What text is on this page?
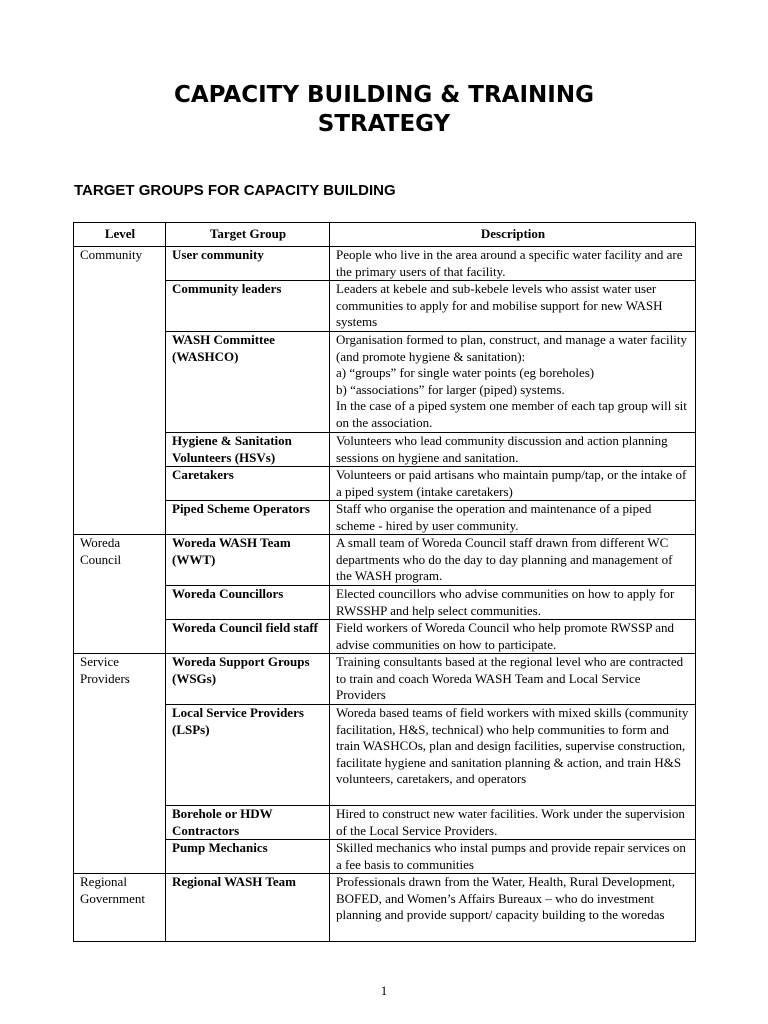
CAPACITY BUILDING & TRAINING
STRATEGY
TARGET GROUPS FOR CAPACITY BUILDING
Level	Target Group	Description
Community	User community	People who live in the area around a specific water facility and are the primary users of that facility.
	Community leaders	Leaders at kebele and sub-kebele levels who assist water user communities to apply for and mobilise support for new WASH systems
	WASH Committee (WASHCO)	Organisation formed to plan, construct, and manage a water facility (and promote hygiene & sanitation):
a) “groups” for single water points (eg boreholes)
b) “associations” for larger (piped) systems.
In the case of a piped system one member of each tap group will sit on the association.

	Hygiene & Sanitation Volunteers (HSVs)	Volunteers who lead community discussion and action planning sessions on hygiene and sanitation.
	Caretakers	Volunteers or paid artisans who maintain pump/tap, or the intake of a piped system (intake caretakers)
	Piped Scheme Operators	Staff who organise the operation and maintenance of a piped scheme - hired by user community.

Woreda
Council	Woreda WASH Team (WWT)	A small team of Woreda Council staff drawn from different WC departments who do the day to day planning and management of the WASH program.
	Woreda Councillors	Elected councillors who advise communities on how to apply for RWSSHP and help select communities.
	Woreda Council field staff	Field workers of Woreda Council who help promote RWSSP and advise communities on how to participate.

Service
Providers	Woreda Support Groups (WSGs)	Training consultants based at the regional level who are contracted to train and coach Woreda WASH Team and Local Service Providers
	Local Service Providers (LSPs)	Woreda based teams of field workers with mixed skills (community facilitation, H&S, technical) who help communities to form and train WASHCOs, plan and design facilities, supervise construction, facilitate hygiene and sanitation planning & action, and train H&S volunteers, caretakers, and operators
	Borehole or HDW Contractors	Hired to construct new water facilities. Work under the supervision of the Local Service Providers.
	Pump Mechanics	Skilled mechanics who instal pumps and provide repair services on a fee basis to communities

Regional
Government	Regional WASH Team	Professionals drawn from the Water, Health, Rural Development, BOFED, and Women’s Affairs Bureaux – who do investment planning and provide support/ capacity building to the woredas
1
